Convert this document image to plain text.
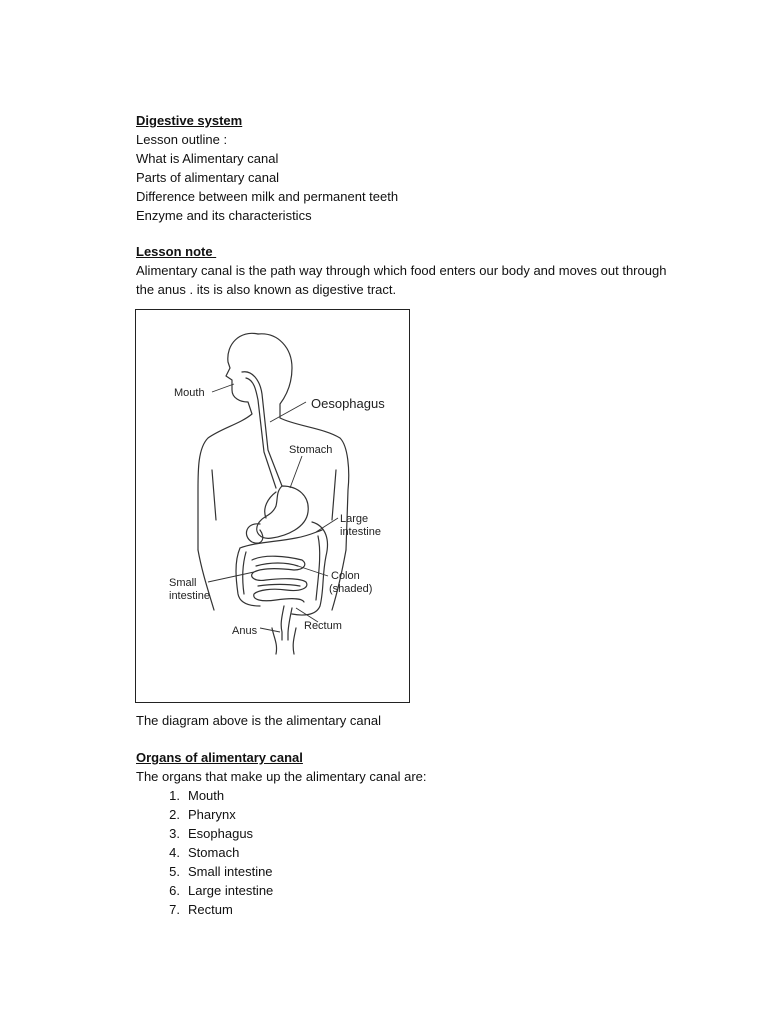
Digestive system
Lesson outline :
What is Alimentary canal
Parts of alimentary canal
Difference between milk and permanent teeth
Enzyme and its characteristics
Lesson note
Alimentary canal is the path way through which food enters our body and moves out through
the anus . its is also known as digestive tract.
Mouth
Oesophagus
Stomach
Large
intestine
Small
intestine
Colon
(shaded)
Anus	Rectum
The diagram above is the alimentary canal
Organs of alimentary canal
The organs that make up the alimentary canal are:
1. Mouth
2. Pharynx
3. Esophagus
4. Stomach
5. Small intestine
6. Large intestine
7. Rectum
